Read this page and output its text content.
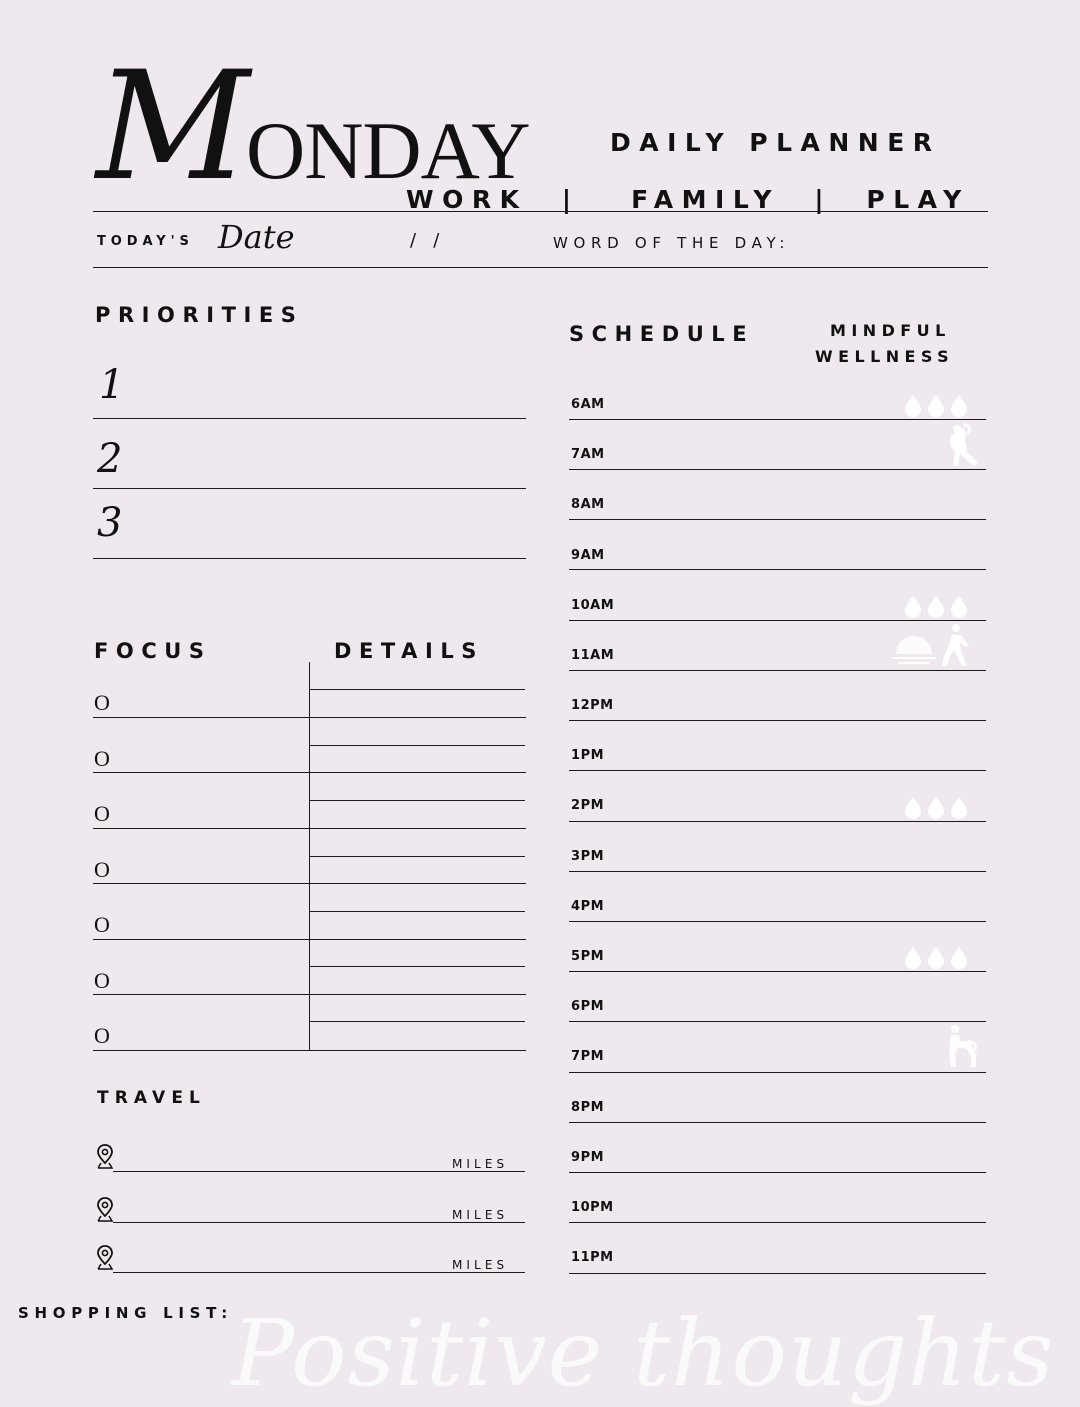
M
ONDAY	DAILY PLANNER
WORK  |   FAMILY  |  PLAY
TODAY'S Date	/   /	WORD OF THE DAY:
PRIORITIES
1
2
3
FOCUS	DETAILS
O
O
O
O
O
O
O
TRAVEL
MILES
MILES
MILES
SHOPPING LIST: Positive thoughts
SCHEDULE	MINDFUL
WELLNESS
6AM
7AM
8AM
9AM
10AM
11AM
12PM
1PM
2PM
3PM
4PM
5PM
6PM
7PM
8PM
9PM
10PM
11PM
